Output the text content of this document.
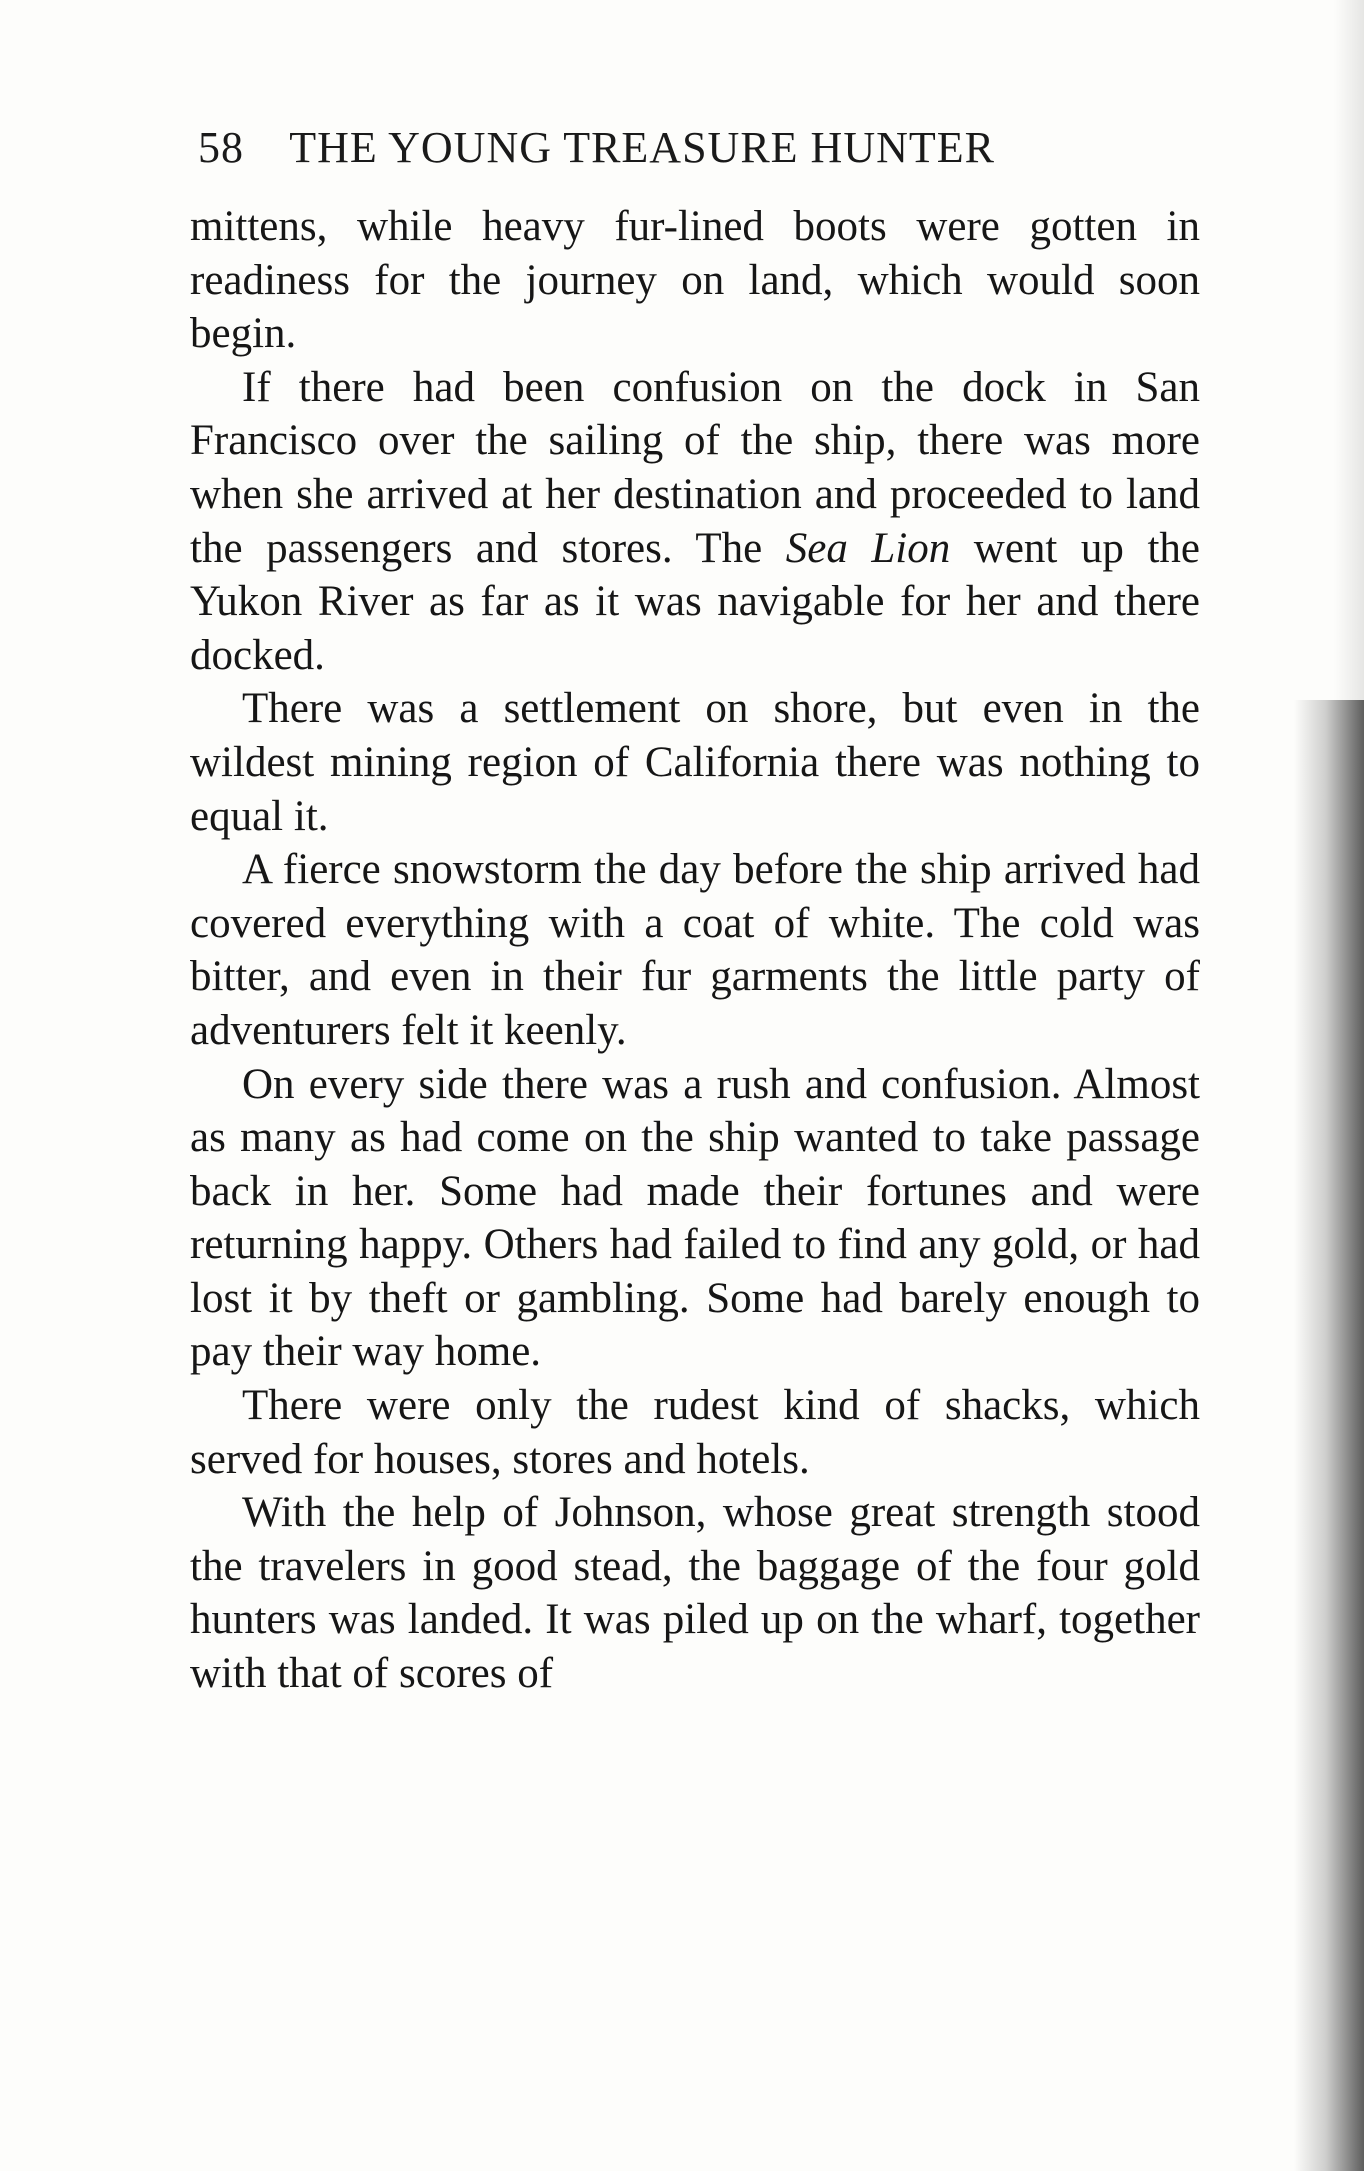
58 THE YOUNG TREASURE HUNTER

mittens, while heavy fur-lined boots were gotten in readiness for the journey on land, which would soon begin.

If there had been confusion on the dock in San Francisco over the sailing of the ship, there was more when she arrived at her destination and proceeded to land the passengers and stores. The Sea Lion went up the Yukon River as far as it was navigable for her and there docked.

There was a settlement on shore, but even in the wildest mining region of California there was nothing to equal it.

A fierce snowstorm the day before the ship arrived had covered everything with a coat of white. The cold was bitter, and even in their fur garments the little party of adventurers felt it keenly.

On every side there was a rush and confusion. Almost as many as had come on the ship wanted to take passage back in her. Some had made their fortunes and were returning happy. Others had failed to find any gold, or had lost it by theft or gambling. Some had barely enough to pay their way home.

There were only the rudest kind of shacks, which served for houses, stores and hotels.

With the help of Johnson, whose great strength stood the travelers in good stead, the baggage of the four gold hunters was landed. It was piled up on the wharf, together with that of scores of
